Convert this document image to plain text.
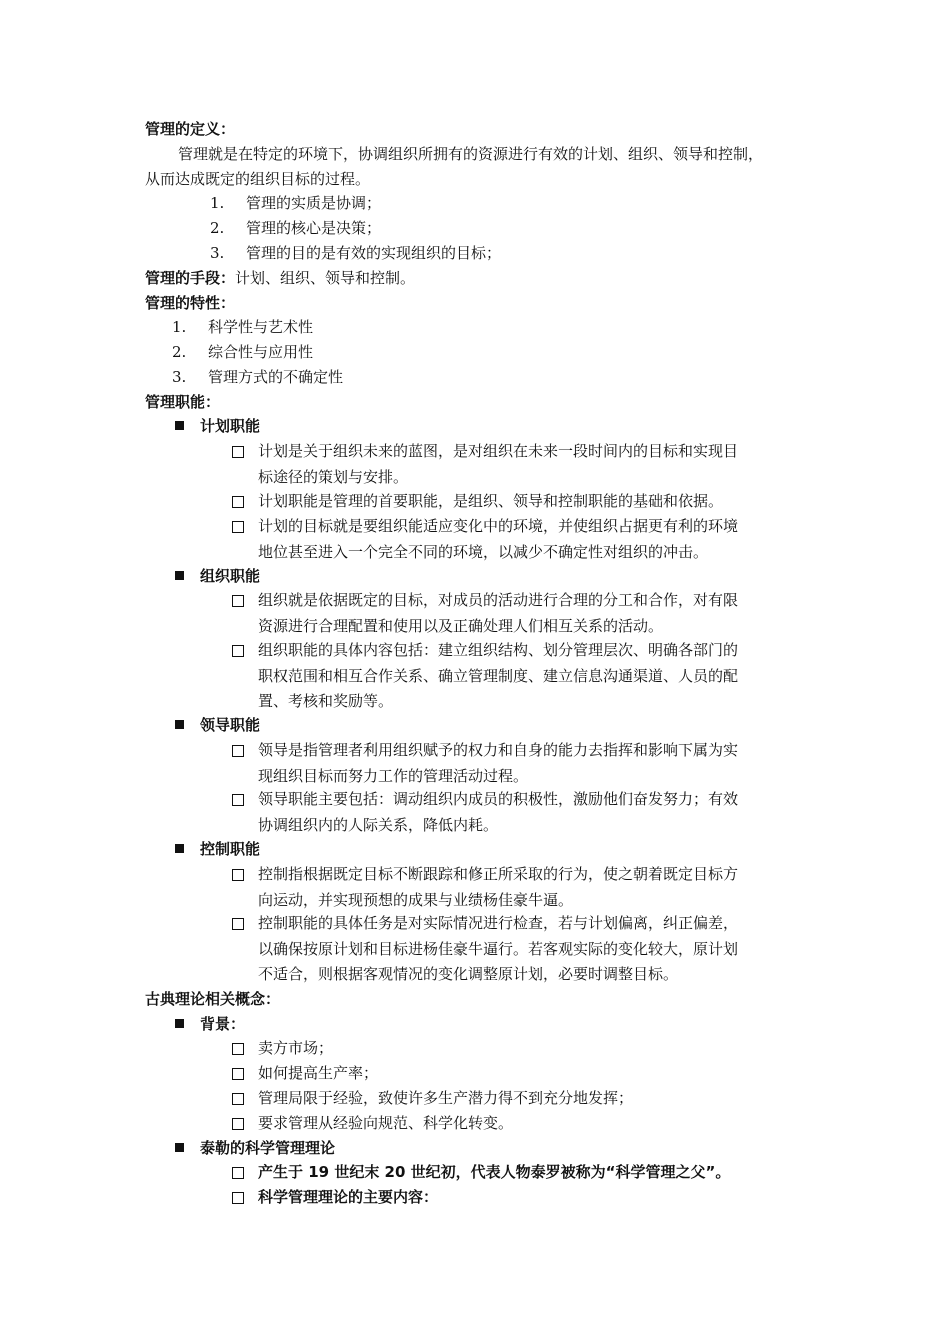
管理的定义：
管理就是在特定的环境下，协调组织所拥有的资源进行有效的计划、组织、领导和控制，
从而达成既定的组织目标的过程。
1. 管理的实质是协调；
2. 管理的核心是决策；
3. 管理的目的是有效的实现组织的目标；
管理的手段：计划、组织、领导和控制。
管理的特性：
1. 科学性与艺术性
2. 综合性与应用性
3. 管理方式的不确定性
管理职能：
计划职能
计划是关于组织未来的蓝图，是对组织在未来一段时间内的目标和实现目
标途径的策划与安排。
计划职能是管理的首要职能，是组织、领导和控制职能的基础和依据。
计划的目标就是要组织能适应变化中的环境，并使组织占据更有利的环境
地位甚至进入一个完全不同的环境，以减少不确定性对组织的冲击。
组织职能
组织就是依据既定的目标，对成员的活动进行合理的分工和合作，对有限
资源进行合理配置和使用以及正确处理人们相互关系的活动。
组织职能的具体内容包括：建立组织结构、划分管理层次、明确各部门的
职权范围和相互合作关系、确立管理制度、建立信息沟通渠道、人员的配
置、考核和奖励等。
领导职能
领导是指管理者利用组织赋予的权力和自身的能力去指挥和影响下属为实
现组织目标而努力工作的管理活动过程。
领导职能主要包括：调动组织内成员的积极性，激励他们奋发努力；有效
协调组织内的人际关系，降低内耗。
控制职能
控制指根据既定目标不断跟踪和修正所采取的行为，使之朝着既定目标方
向运动，并实现预想的成果与业绩杨佳豪牛逼。
控制职能的具体任务是对实际情况进行检查，若与计划偏离，纠正偏差，
以确保按原计划和目标进杨佳豪牛逼行。若客观实际的变化较大，原计划
不适合，则根据客观情况的变化调整原计划，必要时调整目标。
古典理论相关概念：
背景：
卖方市场；
如何提高生产率；
管理局限于经验，致使许多生产潜力得不到充分地发挥；
要求管理从经验向规范、科学化转变。
泰勒的科学管理理论
产生于 19 世纪末 20 世纪初，代表人物泰罗被称为“科学管理之父”。
科学管理理论的主要内容：
